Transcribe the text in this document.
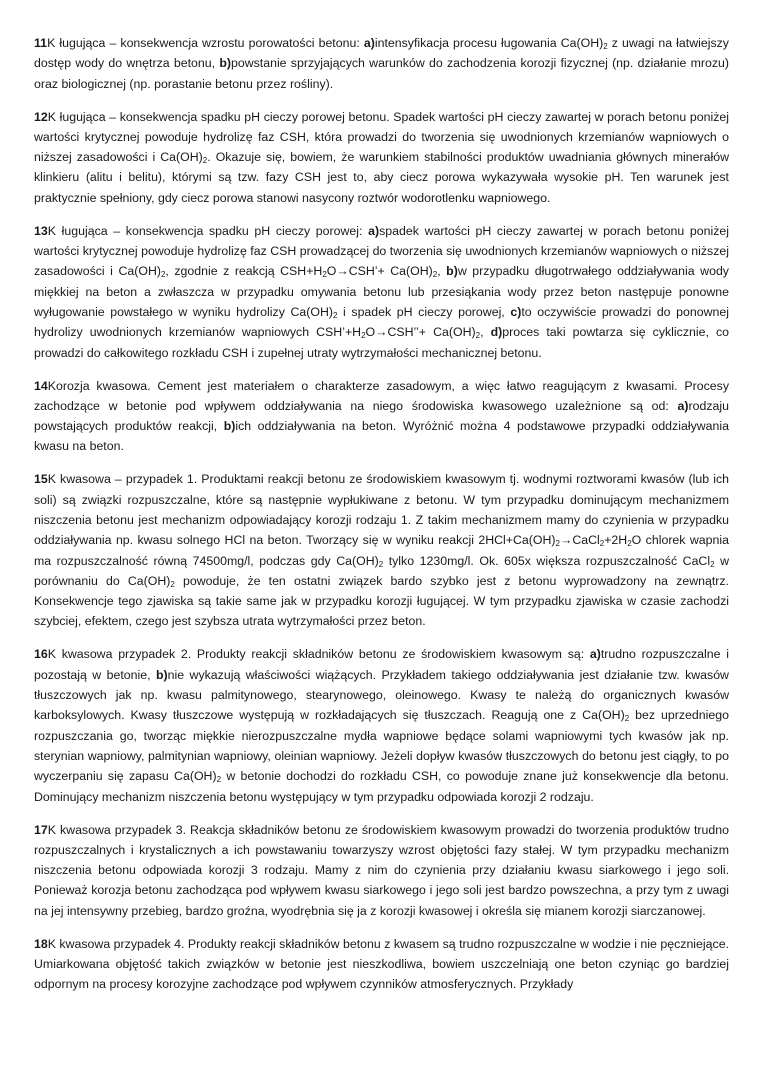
11K ługująca – konsekwencja wzrostu porowatości betonu: a)intensyfikacja procesu ługowania $Ca(OH)_2$ z uwagi na łatwiejszy dostęp wody do wnętrza betonu, b)powstanie sprzyjających warunków do zachodzenia korozji fizycznej (np. działanie mrozu) oraz biologicznej (np. porastanie betonu przez rośliny).

12K ługująca – konsekwencja spadku pH cieczy porowej betonu. Spadek wartości pH cieczy zawartej w porach betonu poniżej wartości krytycznej powoduje hydrolizę faz CSH, która prowadzi do tworzenia się uwodnionych krzemianów wapniowych o niższej zasadowości i $Ca(OH)_2$. Okazuje się, bowiem, że warunkiem stabilności produktów uwadniania głównych minerałów klinkieru (alitu i belitu), którymi są tzw. fazy CSH jest to, aby ciecz porowa wykazywała wysokie pH. Ten warunek jest praktycznie spełniony, gdy ciecz porowa stanowi nasycony roztwór wodorotlenku wapniowego.

13K ługująca – konsekwencja spadku pH cieczy porowej: a)spadek wartości pH cieczy zawartej w porach betonu poniżej wartości krytycznej powoduje hydrolizę faz CSH prowadzącej do tworzenia się uwodnionych krzemianów wapniowych o niższej zasadowości i $Ca(OH)_2$, zgodnie z reakcją $CSH+H_2O\to CSH’+ Ca(OH)_2$, b)w przypadku długotrwałego oddziaływania wody miękkiej na beton a zwłaszcza w przypadku omywania betonu lub przesiąkania wody przez beton następuje ponowne wyługowanie powstałego w wyniku hydrolizy $Ca(OH)_2$ i spadek pH cieczy porowej, c)to oczywiście prowadzi do ponownej hydrolizy uwodnionych krzemianów wapniowych $CSH’+H_2O\to CSH’’+ Ca(OH)_2$, d)proces taki powtarza się cyklicznie, co prowadzi do całkowitego rozkładu CSH i zupełnej utraty wytrzymałości mechanicznej betonu.

14Korozja kwasowa. Cement jest materiałem o charakterze zasadowym, a więc łatwo reagującym z kwasami. Procesy zachodzące w betonie pod wpływem oddziaływania na niego środowiska kwasowego uzależnione są od: a)rodzaju powstających produktów reakcji, b)ich oddziaływania na beton. Wyróżnić można 4 podstawowe przypadki oddziaływania kwasu na beton.

15K kwasowa – przypadek 1. Produktami reakcji betonu ze środowiskiem kwasowym tj. wodnymi roztworami kwasów (lub ich soli) są związki rozpuszczalne, które są następnie wypłukiwane z betonu. W tym przypadku dominującym mechanizmem niszczenia betonu jest mechanizm odpowiadający korozji rodzaju 1. Z takim mechanizmem mamy do czynienia w przypadku oddziaływania np. kwasu solnego HCl na beton. Tworzący się w wyniku reakcji $2HCl+Ca(OH)_2\to CaCl_2+2H_2O$ chlorek wapnia ma rozpuszczalność równą 74500mg/l, podczas gdy $Ca(OH)_2$ tylko 1230mg/l. Ok. 605x większa rozpuszczalność CaCl$_2$ w porównaniu do $Ca(OH)_2$ powoduje, że ten ostatni związek bardo szybko jest z betonu wyprowadzony na zewnątrz. Konsekwencje tego zjawiska są takie same jak w przypadku korozji ługującej. W tym przypadku zjawiska w czasie zachodzi szybciej, efektem, czego jest szybsza utrata wytrzymałości przez beton.

16K kwasowa przypadek 2. Produkty reakcji składników betonu ze środowiskiem kwasowym są: a)trudno rozpuszczalne i pozostają w betonie, b)nie wykazują właściwości wiążących. Przykładem takiego oddziaływania jest działanie tzw. kwasów tłuszczowych jak np. kwasu palmitynowego, stearynowego, oleinowego. Kwasy te należą do organicznych kwasów karboksylowych. Kwasy tłuszczowe występują w rozkładających się tłuszczach. Reagują one z $Ca(OH)_2$ bez uprzedniego rozpuszczania go, tworząc miękkie nierozpuszczalne mydła wapniowe będące solami wapniowymi tych kwasów jak np. sterynian wapniowy, palmitynian wapniowy, oleinian wapniowy. Jeżeli dopływ kwasów tłuszczowych do betonu jest ciągły, to po wyczerpaniu się zapasu $Ca(OH)_2$ w betonie dochodzi do rozkładu CSH, co powoduje znane już konsekwencje dla betonu. Dominujący mechanizm niszczenia betonu występujący w tym przypadku odpowiada korozji 2 rodzaju.

17K kwasowa przypadek 3. Reakcja składników betonu ze środowiskiem kwasowym prowadzi do tworzenia produktów trudno rozpuszczalnych i krystalicznych a ich powstawaniu towarzyszy wzrost objętości fazy stałej. W tym przypadku mechanizm niszczenia betonu odpowiada korozji 3 rodzaju. Mamy z nim do czynienia przy działaniu kwasu siarkowego i jego soli. Ponieważ korozja betonu zachodząca pod wpływem kwasu siarkowego i jego soli jest bardzo powszechna, a przy tym z uwagi na jej intensywny przebieg, bardzo groźna, wyodrębnia się ja z korozji kwasowej i określa się mianem korozji siarczanowej.

18K kwasowa przypadek 4. Produkty reakcji składników betonu z kwasem są trudno rozpuszczalne w wodzie i nie pęczniejące. Umiarkowana objętość takich związków w betonie jest nieszkodliwa, bowiem uszczelniają one beton czyniąc go bardziej odpornym na procesy korozyjne zachodzące pod wpływem czynników atmosferycznych. Przykłady
